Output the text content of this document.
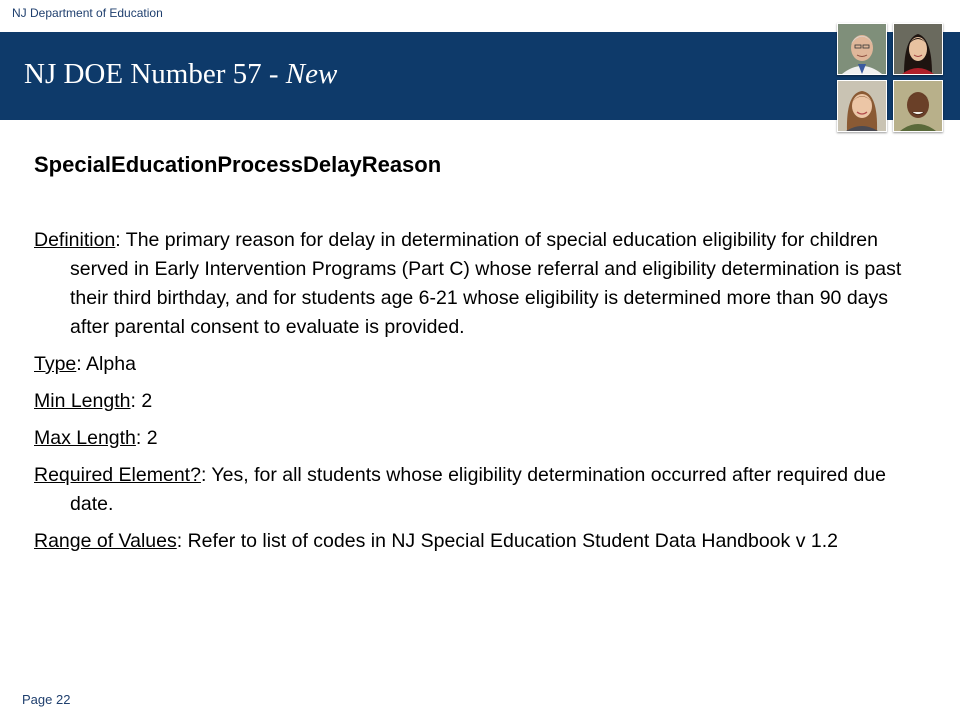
NJ Department of Education
NJ DOE Number 57 - New
SpecialEducationProcessDelayReason

Definition: The primary reason for delay in determination of special education eligibility for children served in Early Intervention Programs (Part C) whose referral and eligibility determination is past their third birthday, and for students age 6-21 whose eligibility is determined more than 90 days after parental consent to evaluate is provided.

Type: Alpha

Min Length: 2

Max Length: 2

Required Element?: Yes, for all students whose eligibility determination occurred after required due date.

Range of Values: Refer to list of codes in NJ Special Education Student Data Handbook v 1.2

Page 22
